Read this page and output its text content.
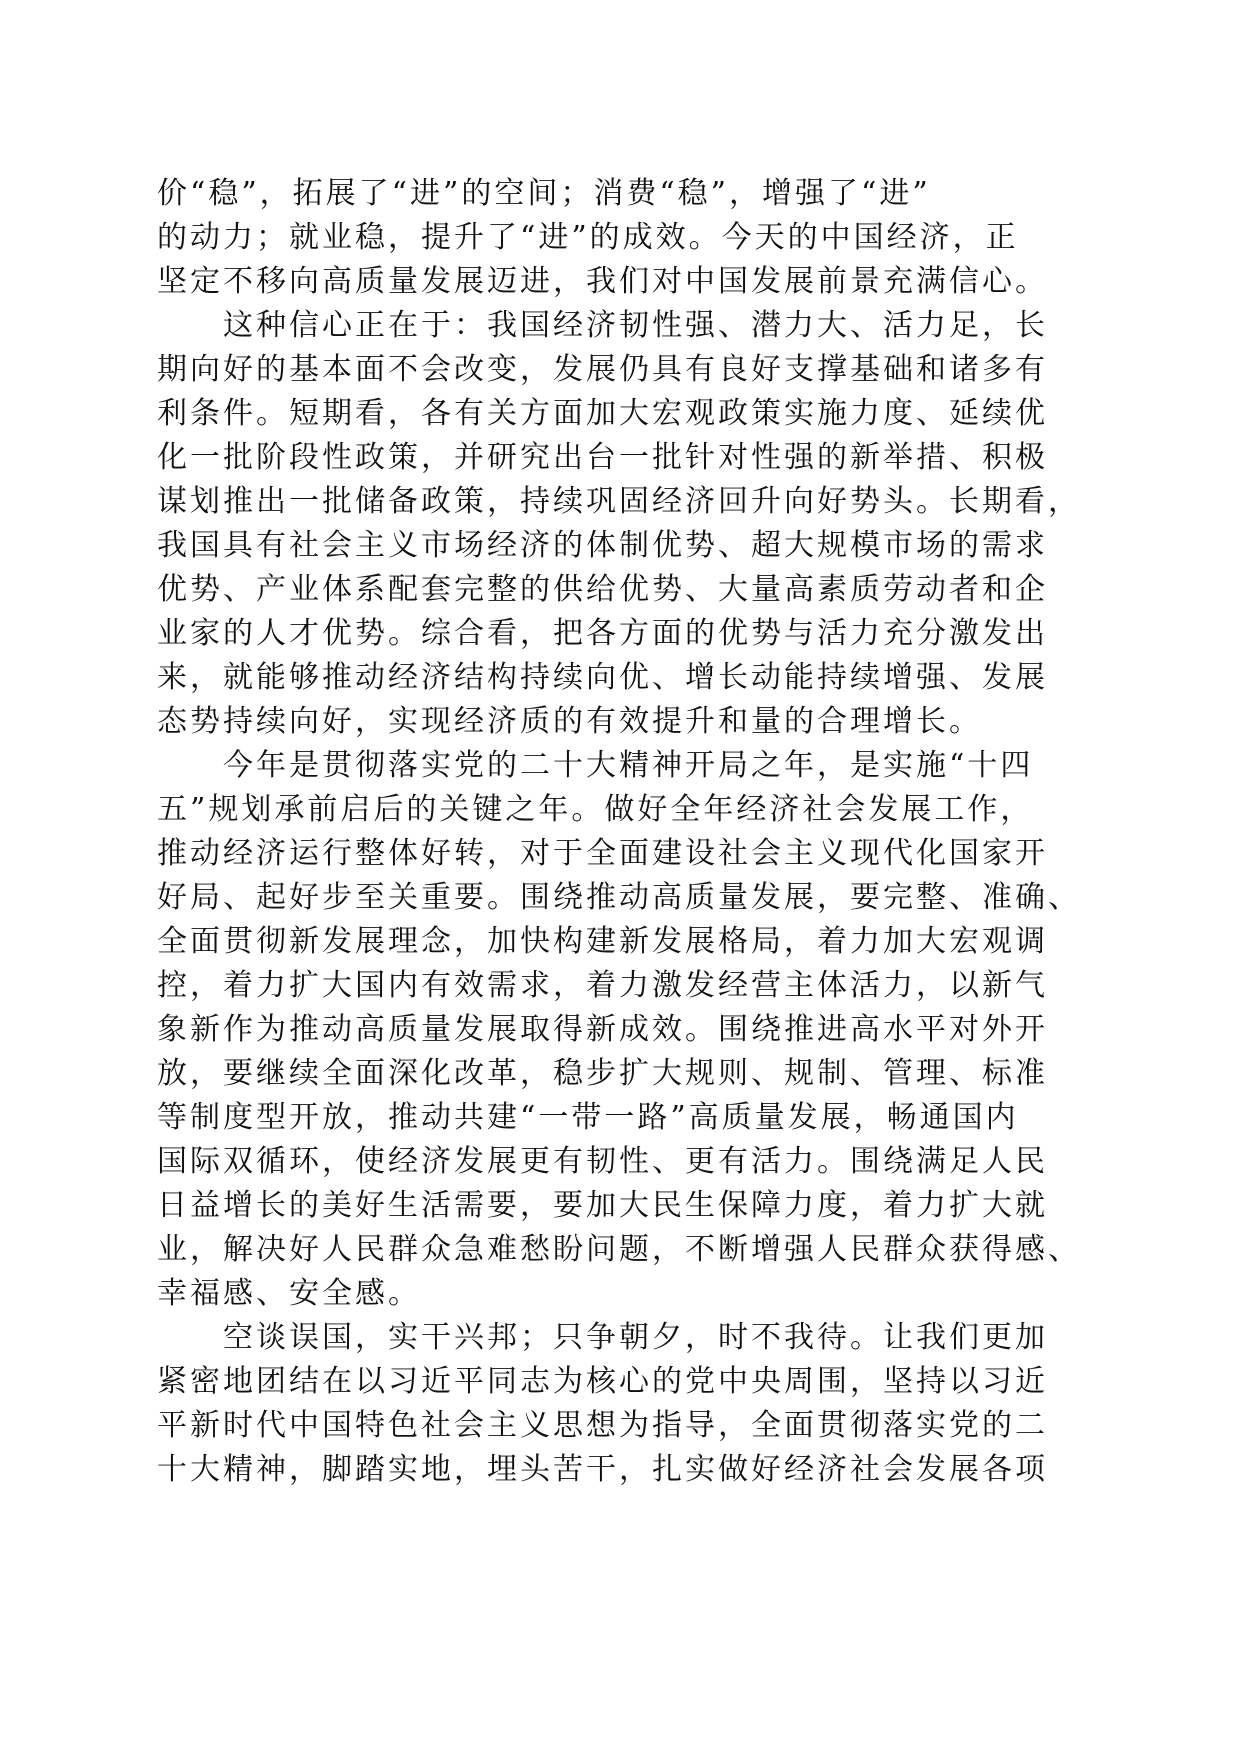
价“稳”，拓展了“进”的空间；消费“稳”，增强了“进”
的动力；就业稳，提升了“进”的成效。今天的中国经济，正
坚定不移向高质量发展迈进，我们对中国发展前景充满信心。
这种信心正在于：我国经济韧性强、潜力大、活力足，长
期向好的基本面不会改变，发展仍具有良好支撑基础和诸多有
利条件。短期看，各有关方面加大宏观政策实施力度、延续优
化一批阶段性政策，并研究出台一批针对性强的新举措、积极
谋划推出一批储备政策，持续巩固经济回升向好势头。长期看，
我国具有社会主义市场经济的体制优势、超大规模市场的需求
优势、产业体系配套完整的供给优势、大量高素质劳动者和企
业家的人才优势。综合看，把各方面的优势与活力充分激发出
来，就能够推动经济结构持续向优、增长动能持续增强、发展
态势持续向好，实现经济质的有效提升和量的合理增长。
今年是贯彻落实党的二十大精神开局之年，是实施“十四
五”规划承前启后的关键之年。做好全年经济社会发展工作，
推动经济运行整体好转，对于全面建设社会主义现代化国家开
好局、起好步至关重要。围绕推动高质量发展，要完整、准确、
全面贯彻新发展理念，加快构建新发展格局，着力加大宏观调
控，着力扩大国内有效需求，着力激发经营主体活力，以新气
象新作为推动高质量发展取得新成效。围绕推进高水平对外开
放，要继续全面深化改革，稳步扩大规则、规制、管理、标准
等制度型开放，推动共建“一带一路”高质量发展，畅通国内
国际双循环，使经济发展更有韧性、更有活力。围绕满足人民
日益增长的美好生活需要，要加大民生保障力度，着力扩大就
业，解决好人民群众急难愁盼问题，不断增强人民群众获得感、
幸福感、安全感。
空谈误国，实干兴邦；只争朝夕，时不我待。让我们更加
紧密地团结在以习近平同志为核心的党中央周围，坚持以习近
平新时代中国特色社会主义思想为指导，全面贯彻落实党的二
十大精神，脚踏实地，埋头苦干，扎实做好经济社会发展各项
